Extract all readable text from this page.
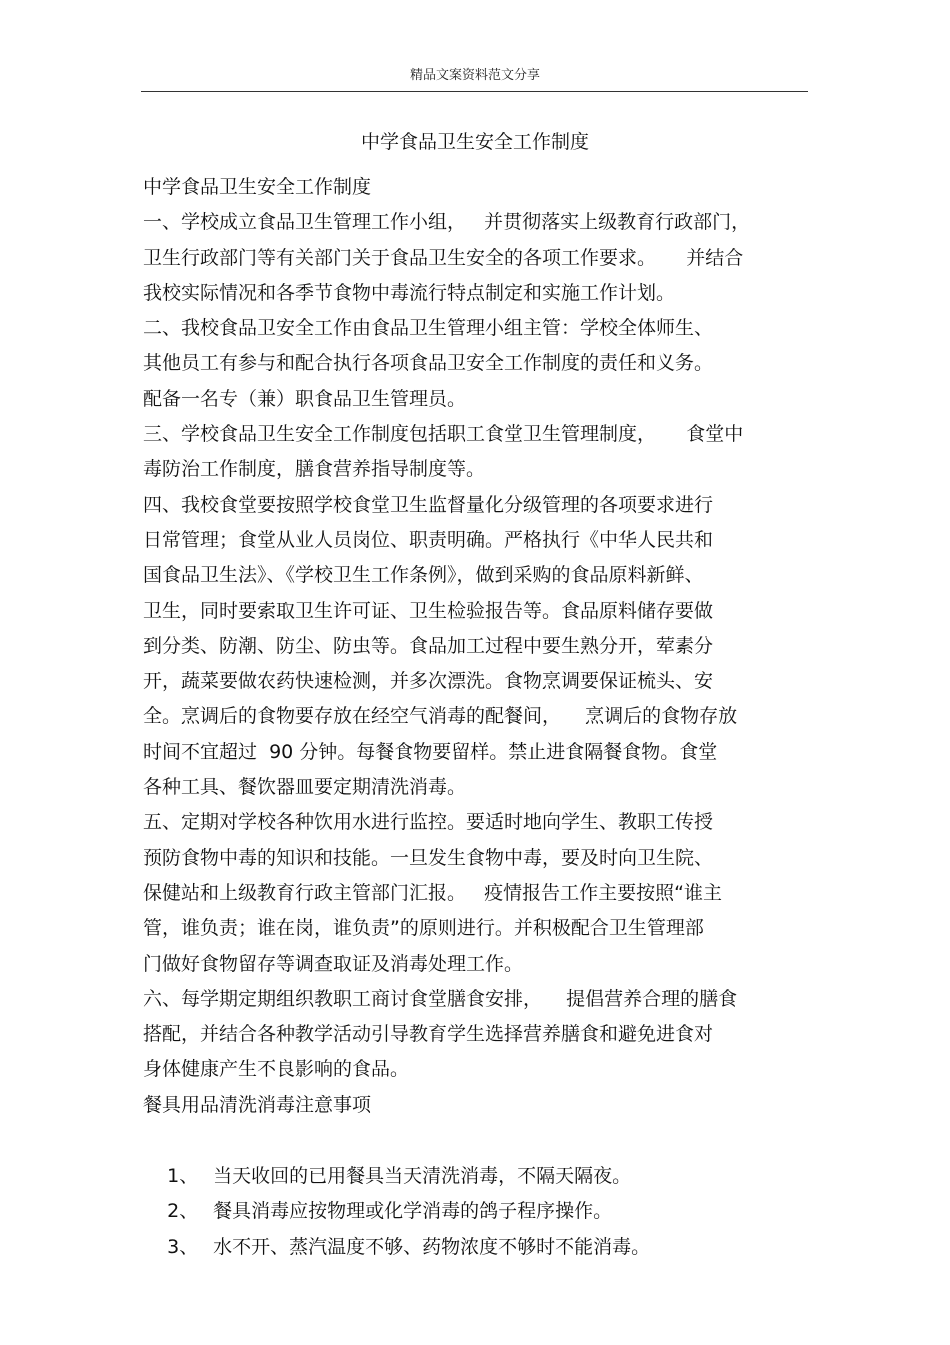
精品文案资料范文分享
中学食品卫生安全工作制度
中学食品卫生安全工作制度
一、学校成立食品卫生管理工作小组，   并贯彻落实上级教育行政部门，
卫生行政部门等有关部门关于食品卫生安全的各项工作要求。     并结合
我校实际情况和各季节食物中毒流行特点制定和实施工作计划。
二、我校食品卫安全工作由食品卫生管理小组主管：学校全体师生、
其他员工有参与和配合执行各项食品卫安全工作制度的责任和义务。
配备一名专（兼）职食品卫生管理员。
三、学校食品卫生安全工作制度包括职工食堂卫生管理制度，     食堂中
毒防治工作制度，膳食营养指导制度等。
四、我校食堂要按照学校食堂卫生监督量化分级管理的各项要求进行
日常管理；食堂从业人员岗位、职责明确。严格执行《中华人民共和
国食品卫生法》、《学校卫生工作条例》，做到采购的食品原料新鲜、
卫生，同时要索取卫生许可证、卫生检验报告等。食品原料储存要做
到分类、防潮、防尘、防虫等。食品加工过程中要生熟分开，荤素分
开，蔬菜要做农药快速检测，并多次漂洗。食物烹调要保证梳头、安
全。烹调后的食物要存放在经空气消毒的配餐间，    烹调后的食物存放
时间不宜超过  90 分钟。每餐食物要留样。禁止进食隔餐食物。食堂
各种工具、餐饮器皿要定期清洗消毒。
五、定期对学校各种饮用水进行监控。要适时地向学生、教职工传授
预防食物中毒的知识和技能。一旦发生食物中毒，要及时向卫生院、
保健站和上级教育行政主管部门汇报。   疫情报告工作主要按照“谁主
管，谁负责；谁在岗，谁负责”的原则进行。并积极配合卫生管理部
门做好食物留存等调查取证及消毒处理工作。
六、每学期定期组织教职工商讨食堂膳食安排，    提倡营养合理的膳食
搭配，并结合各种教学活动引导教育学生选择营养膳食和避免进食对
身体健康产生不良影响的食品。
餐具用品清洗消毒注意事项

1、 当天收回的已用餐具当天清洗消毒，不隔天隔夜。

2、 餐具消毒应按物理或化学消毒的鸽子程序操作。

3、 水不开、蒸汽温度不够、药物浓度不够时不能消毒。
